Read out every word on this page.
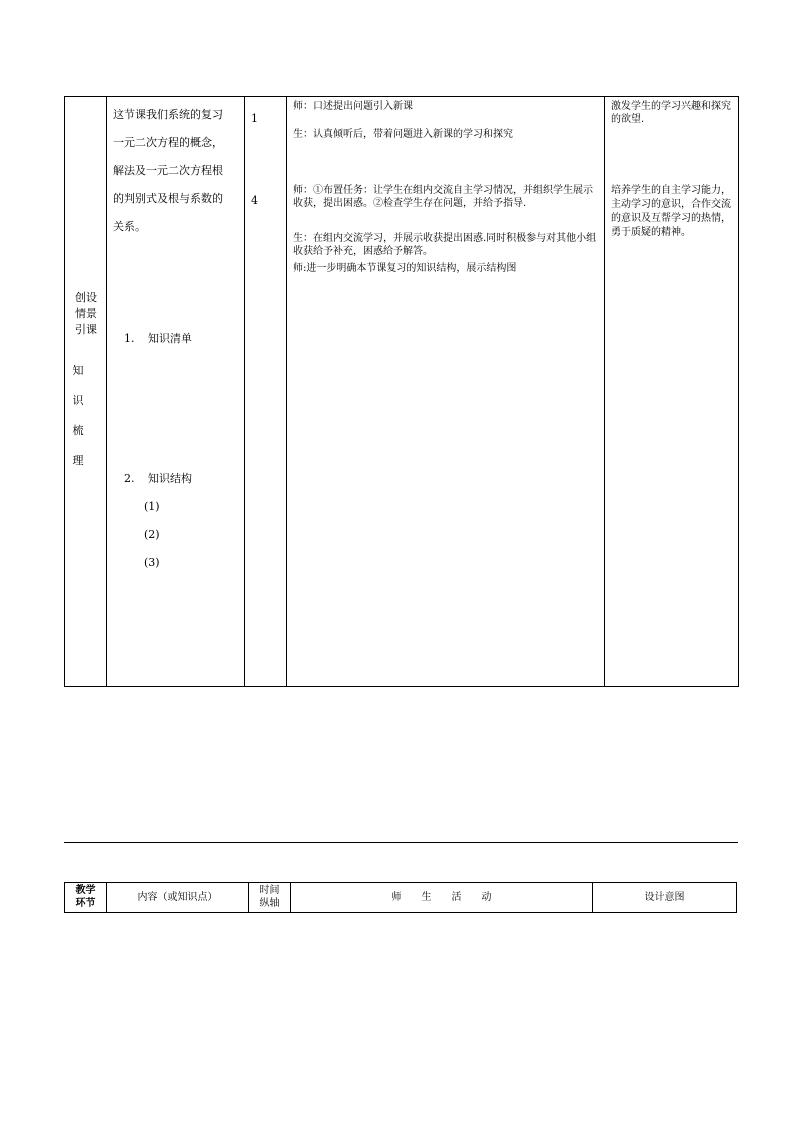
创设
情景
引课
知
识
梳
理
这节课我们系统的复习
一元二次方程的概念，
解法及一元二次方程根
的判别式及根与系数的
关系。
1. 知识清单
2. 知识结构
(1)
(2)
(3)
1
4
师：口述提出问题引入新课
生：认真倾听后，带着问题进入新课的学习和探究
师：①布置任务：让学生在组内交流自主学习情况，并组织学生展示收获，提出困惑。②检查学生存在问题，并给予指导.
生：在组内交流学习，并展示收获提出困惑.同时积极参与对其他小组收获给予补充，困惑给予解答。
师:进一步明确本节课复习的知识结构，展示结构图
激发学生的学习兴趣和探究的欲望.
培养学生的自主学习能力，主动学习的意识，合作交流的意识及互帮学习的热情，勇于质疑的精神。
教学
环节
内容（或知识点）
时间
纵轴
师　　生　　活　　动	设计意图
